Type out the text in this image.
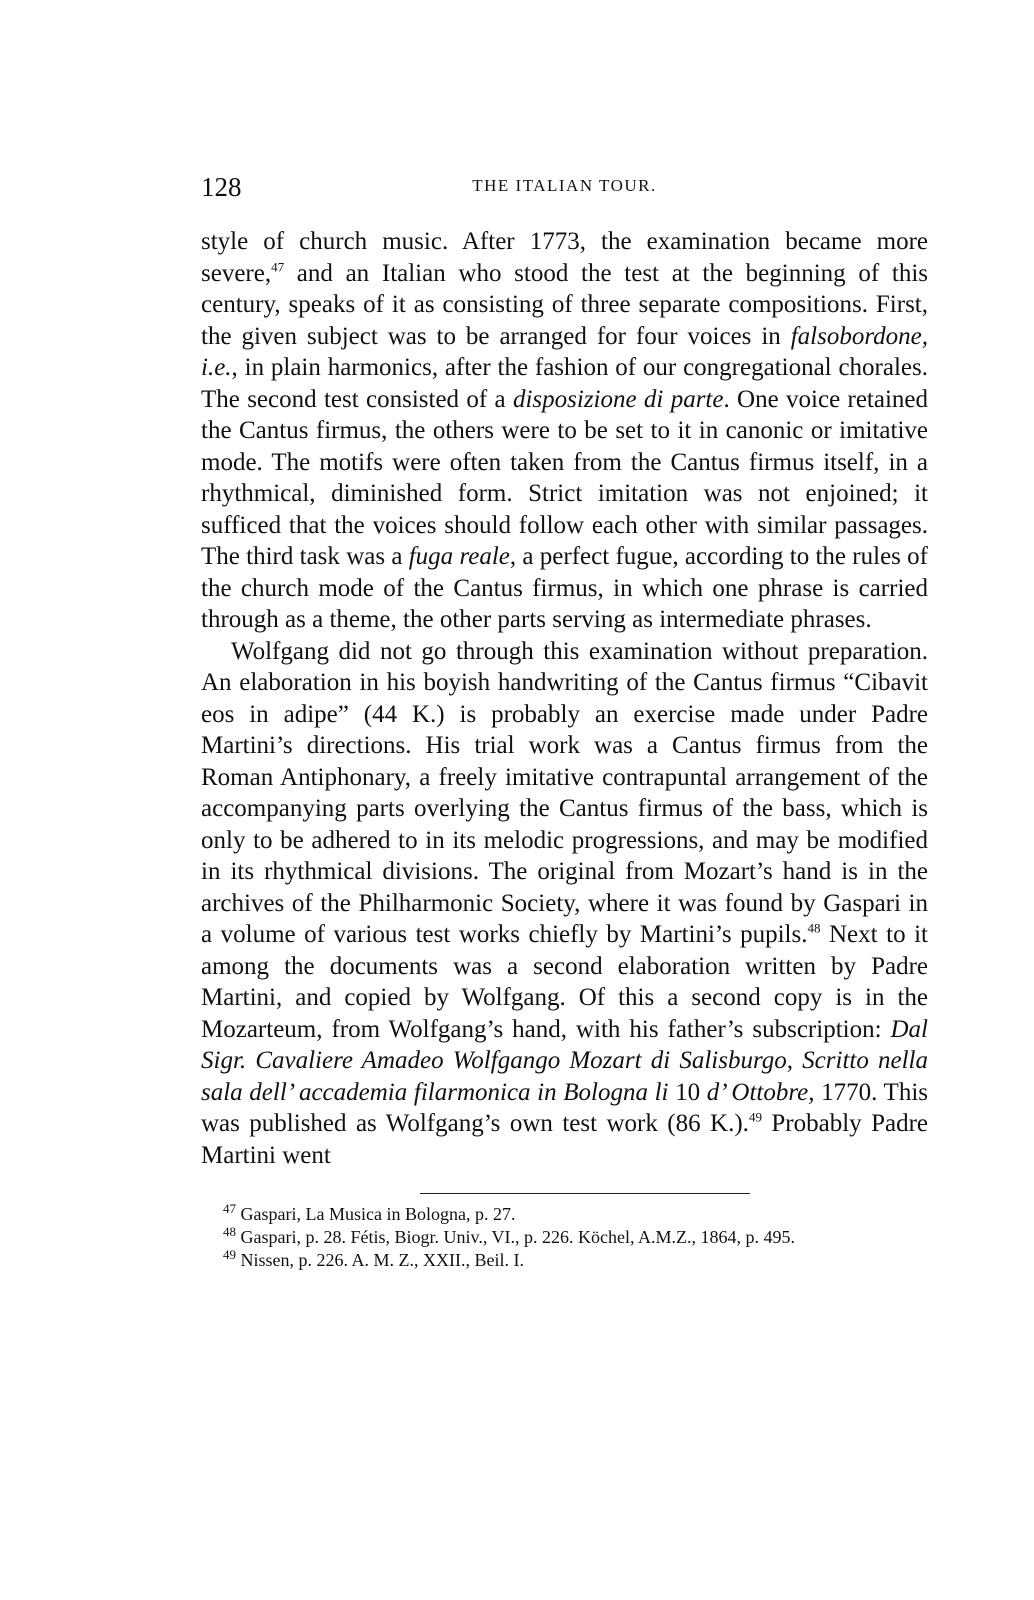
128	THE ITALIAN TOUR.

style of church music. After 1773, the examination became more severe,$^{47}$ and an Italian who stood the test at the beginning of this century, speaks of it as consisting of three separate compositions. First, the given subject was to be arranged for four voices in falsobordone, i.e., in plain harmonics, after the fashion of our congregational chorales. The second test consisted of a disposizione di parte. One voice retained the Cantus firmus, the others were to be set to it in canonic or imitative mode. The motifs were often taken from the Cantus firmus itself, in a rhythmical, diminished form. Strict imitation was not enjoined; it sufficed that the voices should follow each other with similar passages. The third task was a fuga reale, a perfect fugue, according to the rules of the church mode of the Cantus firmus, in which one phrase is carried through as a theme, the other parts serving as intermediate phrases.

Wolfgang did not go through this examination without preparation. An elaboration in his boyish handwriting of the Cantus firmus “Cibavit eos in adipe” (44 K.) is probably an exercise made under Padre Martini’s directions. His trial work was a Cantus firmus from the Roman Antiphonary, a freely imitative contrapuntal arrangement of the accompanying parts overlying the Cantus firmus of the bass, which is only to be adhered to in its melodic progressions, and may be modified in its rhythmical divisions. The original from Mozart’s hand is in the archives of the Philharmonic Society, where it was found by Gaspari in a volume of various test works chiefly by Martini’s pupils.$^{48}$ Next to it among the documents was a second elaboration written by Padre Martini, and copied by Wolfgang. Of this a second copy is in the Mozarteum, from Wolfgang’s hand, with his father’s subscription: Dal Sigr. Cavaliere Amadeo Wolfgango Mozart di Salisburgo, Scritto nella sala dell’ accademia filarmonica in Bologna li 10 d’ Ottobre, 1770. This was published as Wolfgang’s own test work (86 K.).$^{49}$ Probably Padre Martini went

$^{47}$ Gaspari, La Musica in Bologna, p. 27.

$^{48}$ Gaspari, p. 28. Fétis, Biogr. Univ., VI., p. 226. Köchel, A.M.Z., 1864, p. 495.

$^{49}$ Nissen, p. 226. A. M. Z., XXII., Beil. I.
